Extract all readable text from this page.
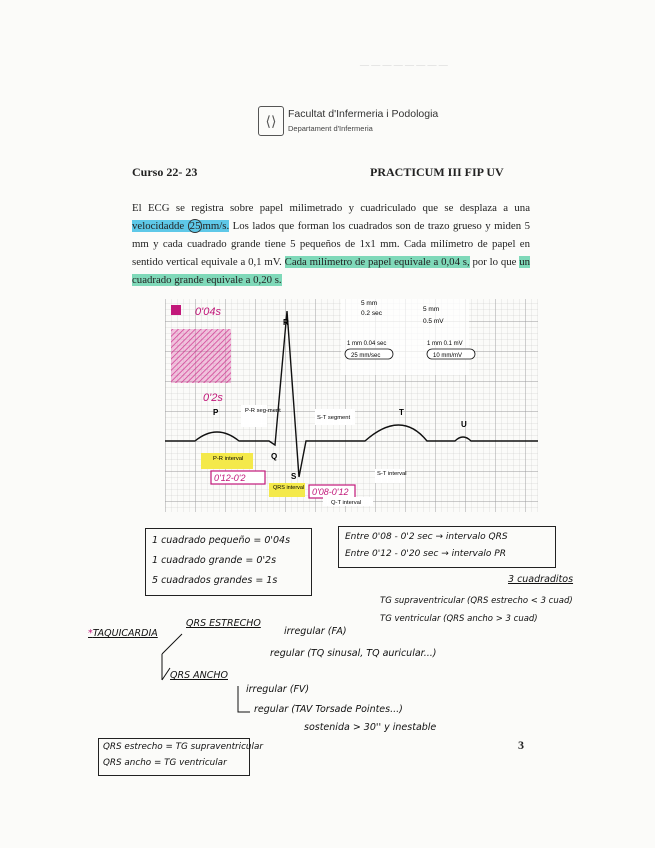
— — — — — — — —
⟨⟩	Facultat d'Infermeria i Podologia
Departament d'Infermeria
Curso 22- 23	PRACTICUM III FIP UV
El ECG se registra sobre papel milimetrado y cuadriculado que se desplaza a una velocidadde 25 mm/s. Los lados que forman los cuadrados son de trazo grueso y miden 5 mm y cada cuadrado grande tiene 5 pequeños de 1x1 mm. Cada milímetro de papel en sentido vertical equivale a 0,1 mV. Cada milímetro de papel equivale a 0,04 s, por lo que un cuadrado grande equivale a 0,20 s.
0'04s
0'2s
5 mm
0.2 sec
5 mm
0.5 mV
1 mm 0.04 sec	1 mm 0.1 mV
25 mm/sec	10 mm/mV
P
Q
R
S
T
U
P-R seg-ment
S-T segment
P-R interval
0'12-0'2
QRS interval 0'08-0'12
S-T interval
Q-T interval
1 cuadrado pequeño = 0'04s
1 cuadrado grande = 0'2s
5 cuadrados grandes = 1s
Entre 0'08 - 0'2 sec → intervalo QRS
Entre 0'12 - 0'20 sec → intervalo PR
3 cuadraditos
TG supraventricular (QRS estrecho < 3 cuad)
TG ventricular (QRS ancho > 3 cuad)
*TAQUICARDIA
QRS ESTRECHO
irregular (FA)
regular (TQ sinusal, TQ auricular...)
QRS ANCHO
irregular (FV)
regular (TAV Torsade Pointes...)
sostenida > 30'' y inestable
QRS estrecho = TG supraventricular
QRS ancho = TG ventricular
3
